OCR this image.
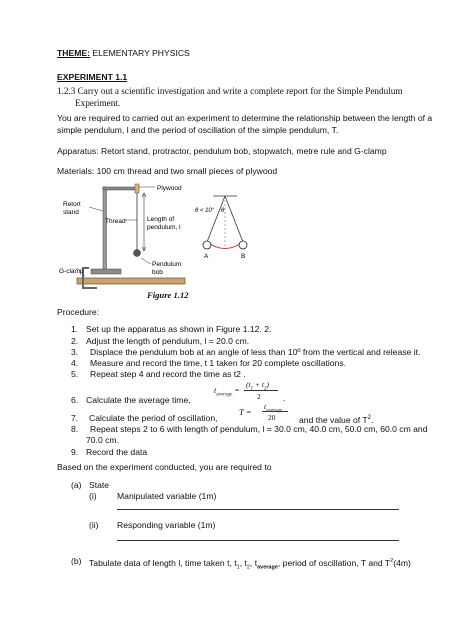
THEME: ELEMENTARY PHYSICS
EXPERIMENT 1.1
1.2.3 Carry out a scientific investigation and write a complete report for the Simple Pendulum
Experiment.
You are required to carried out an experiment to determine the relationship between the length of a
simple pendulum, l and the period of oscillation of the simple pendulum, T.
Apparatus: Retort stand, protractor, pendulum bob, stopwatch, metre rule and G-clamp
Materials: 100 cm thread and two small pieces of plywood
Plywood
Retort
stand
Thread	Length of
pendulum, l
G-clamp
Pendulum
bob
θ < 10° θ
A	B
Figure 1.12
Procedure:
1. Set up the apparatus as shown in Figure 1.12. 2.
2. Adjust the length of pendulum, l = 20.0 cm.
3. Displace the pendulum bob at an angle of less than 10º from the vertical and release it.
4. Measure and record the time, t 1 taken for 20 complete oscillations.
5. Repeat step 4 and record the time as t2 .
6. Calculate the average time,
$t_{average}$ =
$(t_1 + t_2)$
2	.
7. Calculate the period of oscillation,
T =
$t_{average}$
20	and the value of $T^2$.
8. Repeat steps 2 to 6 with length of pendulum, l = 30.0 cm, 40.0 cm, 50.0 cm, 60.0 cm and
70.0 cm.
9. Record the data
Based on the experiment conducted, you are required to
(a) State
(i) Manipulated variable (1m)
(ii) Responding variable (1m)
(b) Tabulate data of length l, time taken t, $t_1$, $t_2$, $t_{average}$, period of oscillation, T and $T^2(4m)$
